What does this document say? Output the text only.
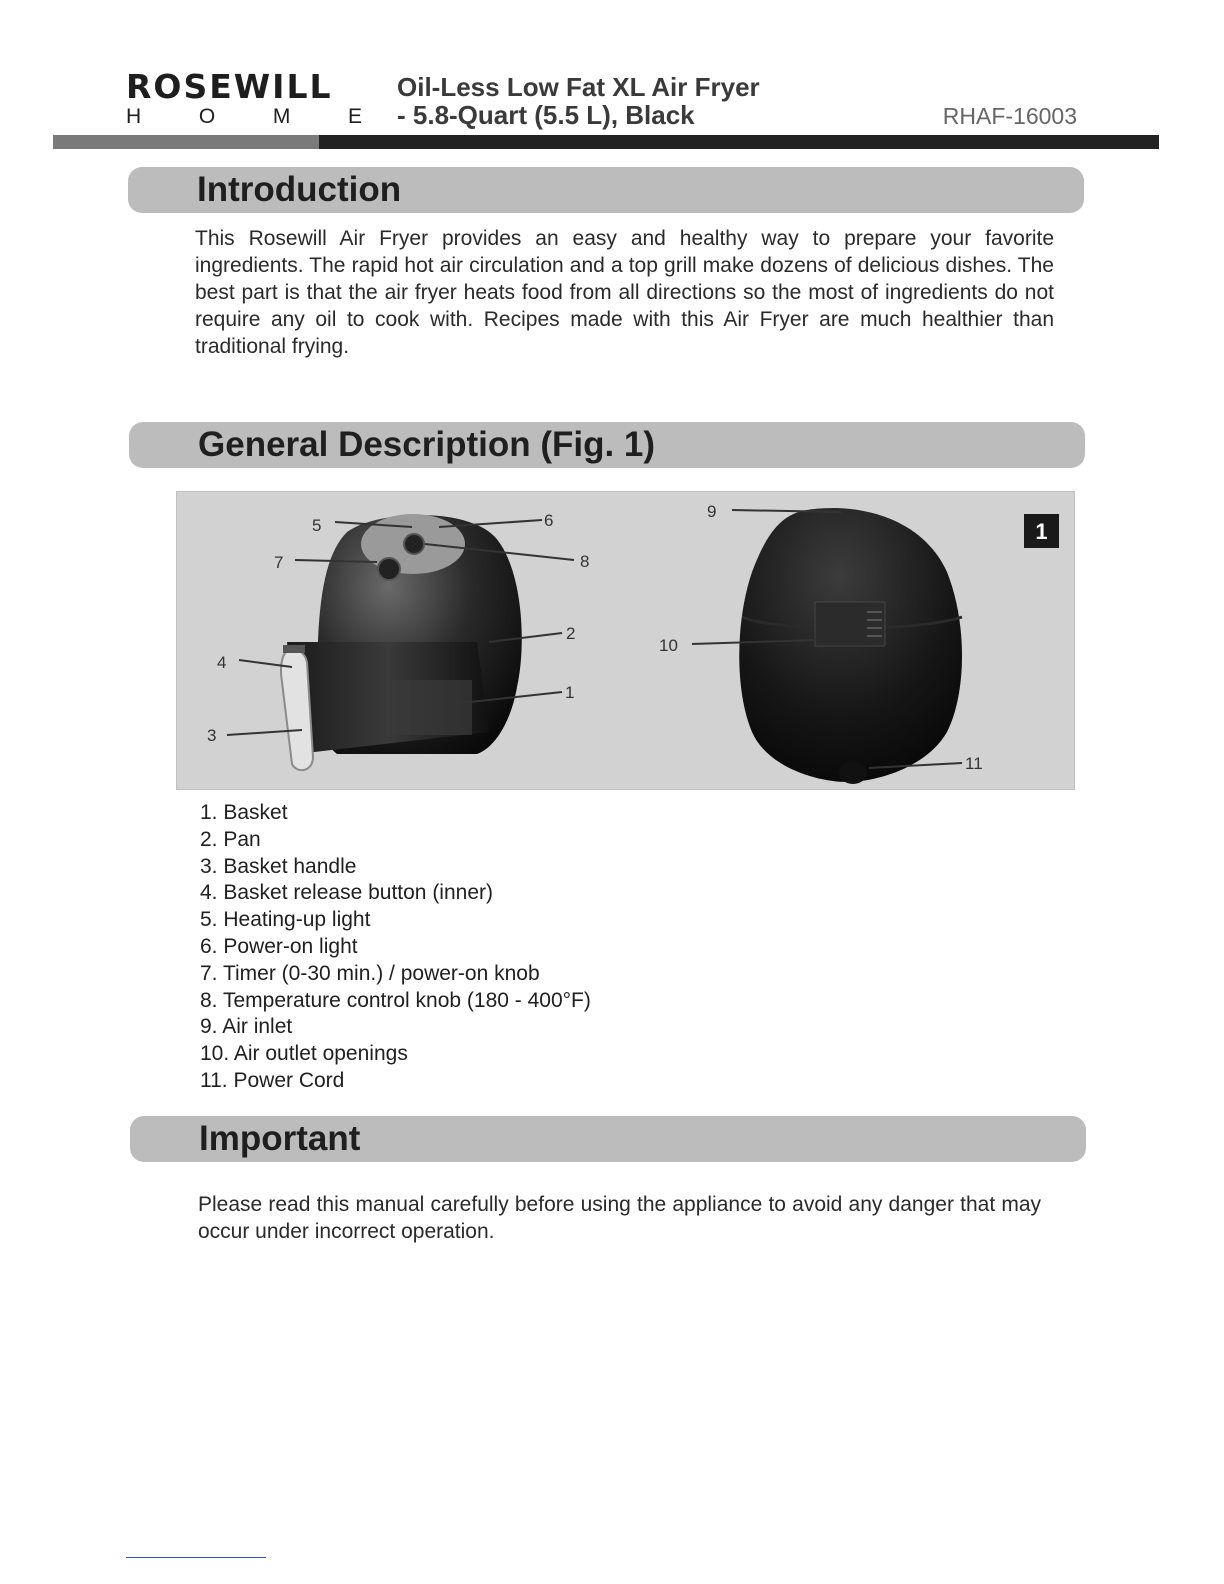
ROSEWILL
H	O	M	E
Oil-Less Low Fat XL Air Fryer
- 5.8-Quart (5.5 L), Black	RHAF-16003
Introduction

This Rosewill Air Fryer provides an easy and healthy way to prepare your favorite ingredients. The rapid hot air circulation and a top grill make dozens of delicious dishes. The best part is that the air fryer heats food from all directions so the most of ingredients do not require any oil to cook with. Recipes made with this Air Fryer are much healthier than traditional frying.

General Description (Fig. 1)
1
2
3
4
5	6
7	8
9
10
11
1
1. Basket
2. Pan
3. Basket handle
4. Basket release button (inner)
5. Heating-up light
6. Power-on light
7. Timer (0-30 min.) / power-on knob
8. Temperature control knob (180 - 400°F)
9. Air inlet
10. Air outlet openings
11. Power Cord
Important

Please read this manual carefully before using the appliance to avoid any danger that may occur under incorrect operation.
